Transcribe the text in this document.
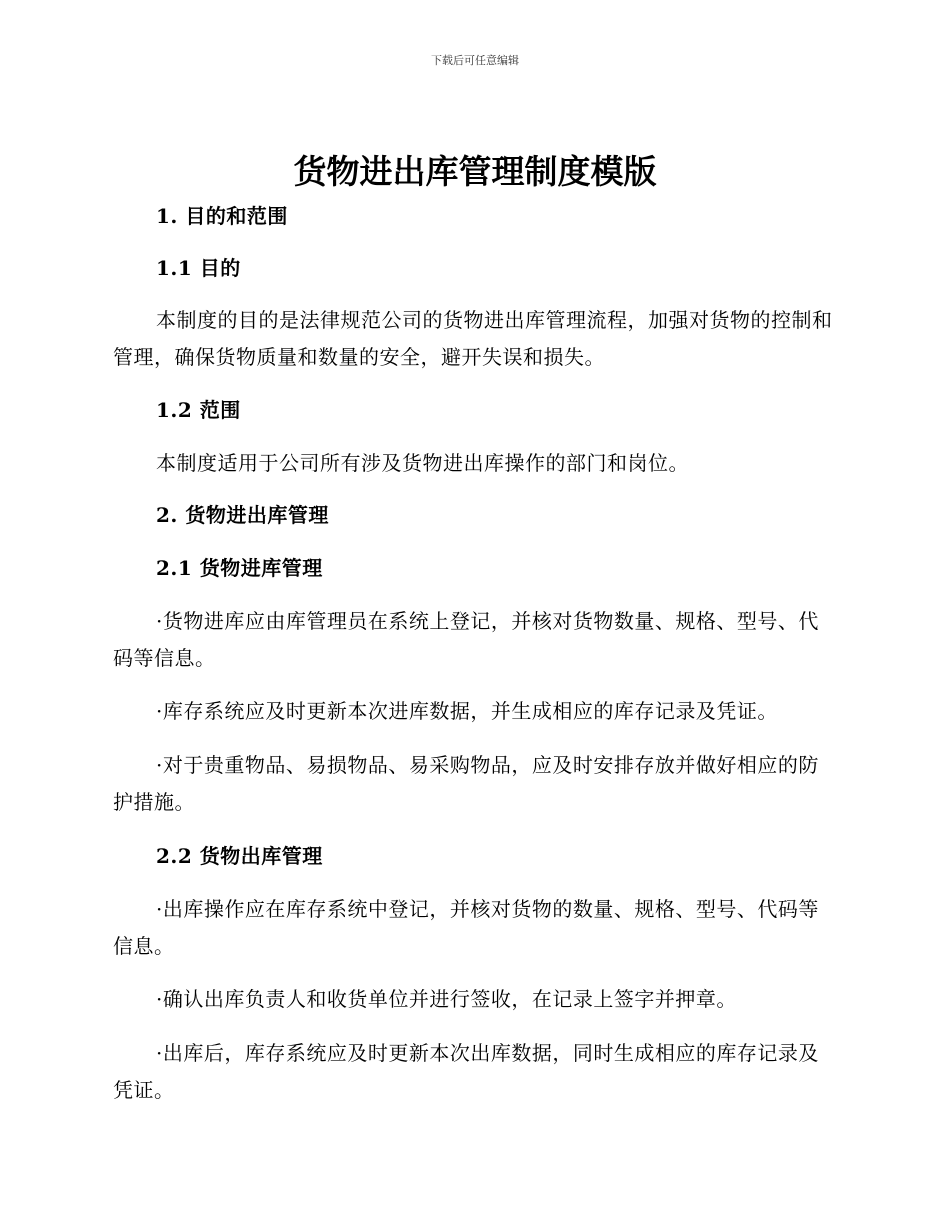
下载后可任意编辑
货物进出库管理制度模版

1. 目的和范围

1.1 目的

本制度的目的是法律规范公司的货物进出库管理流程，加强对货物的控制和管理，确保货物质量和数量的安全，避开失误和损失。

1.2 范围

本制度适用于公司所有涉及货物进出库操作的部门和岗位。

2. 货物进出库管理

2.1 货物进库管理

·货物进库应由库管理员在系统上登记，并核对货物数量、规格、型号、代码等信息。

·库存系统应及时更新本次进库数据，并生成相应的库存记录及凭证。

·对于贵重物品、易损物品、易采购物品，应及时安排存放并做好相应的防护措施。

2.2 货物出库管理

·出库操作应在库存系统中登记，并核对货物的数量、规格、型号、代码等信息。

·确认出库负责人和收货单位并进行签收，在记录上签字并押章。

·出库后，库存系统应及时更新本次出库数据，同时生成相应的库存记录及凭证。
